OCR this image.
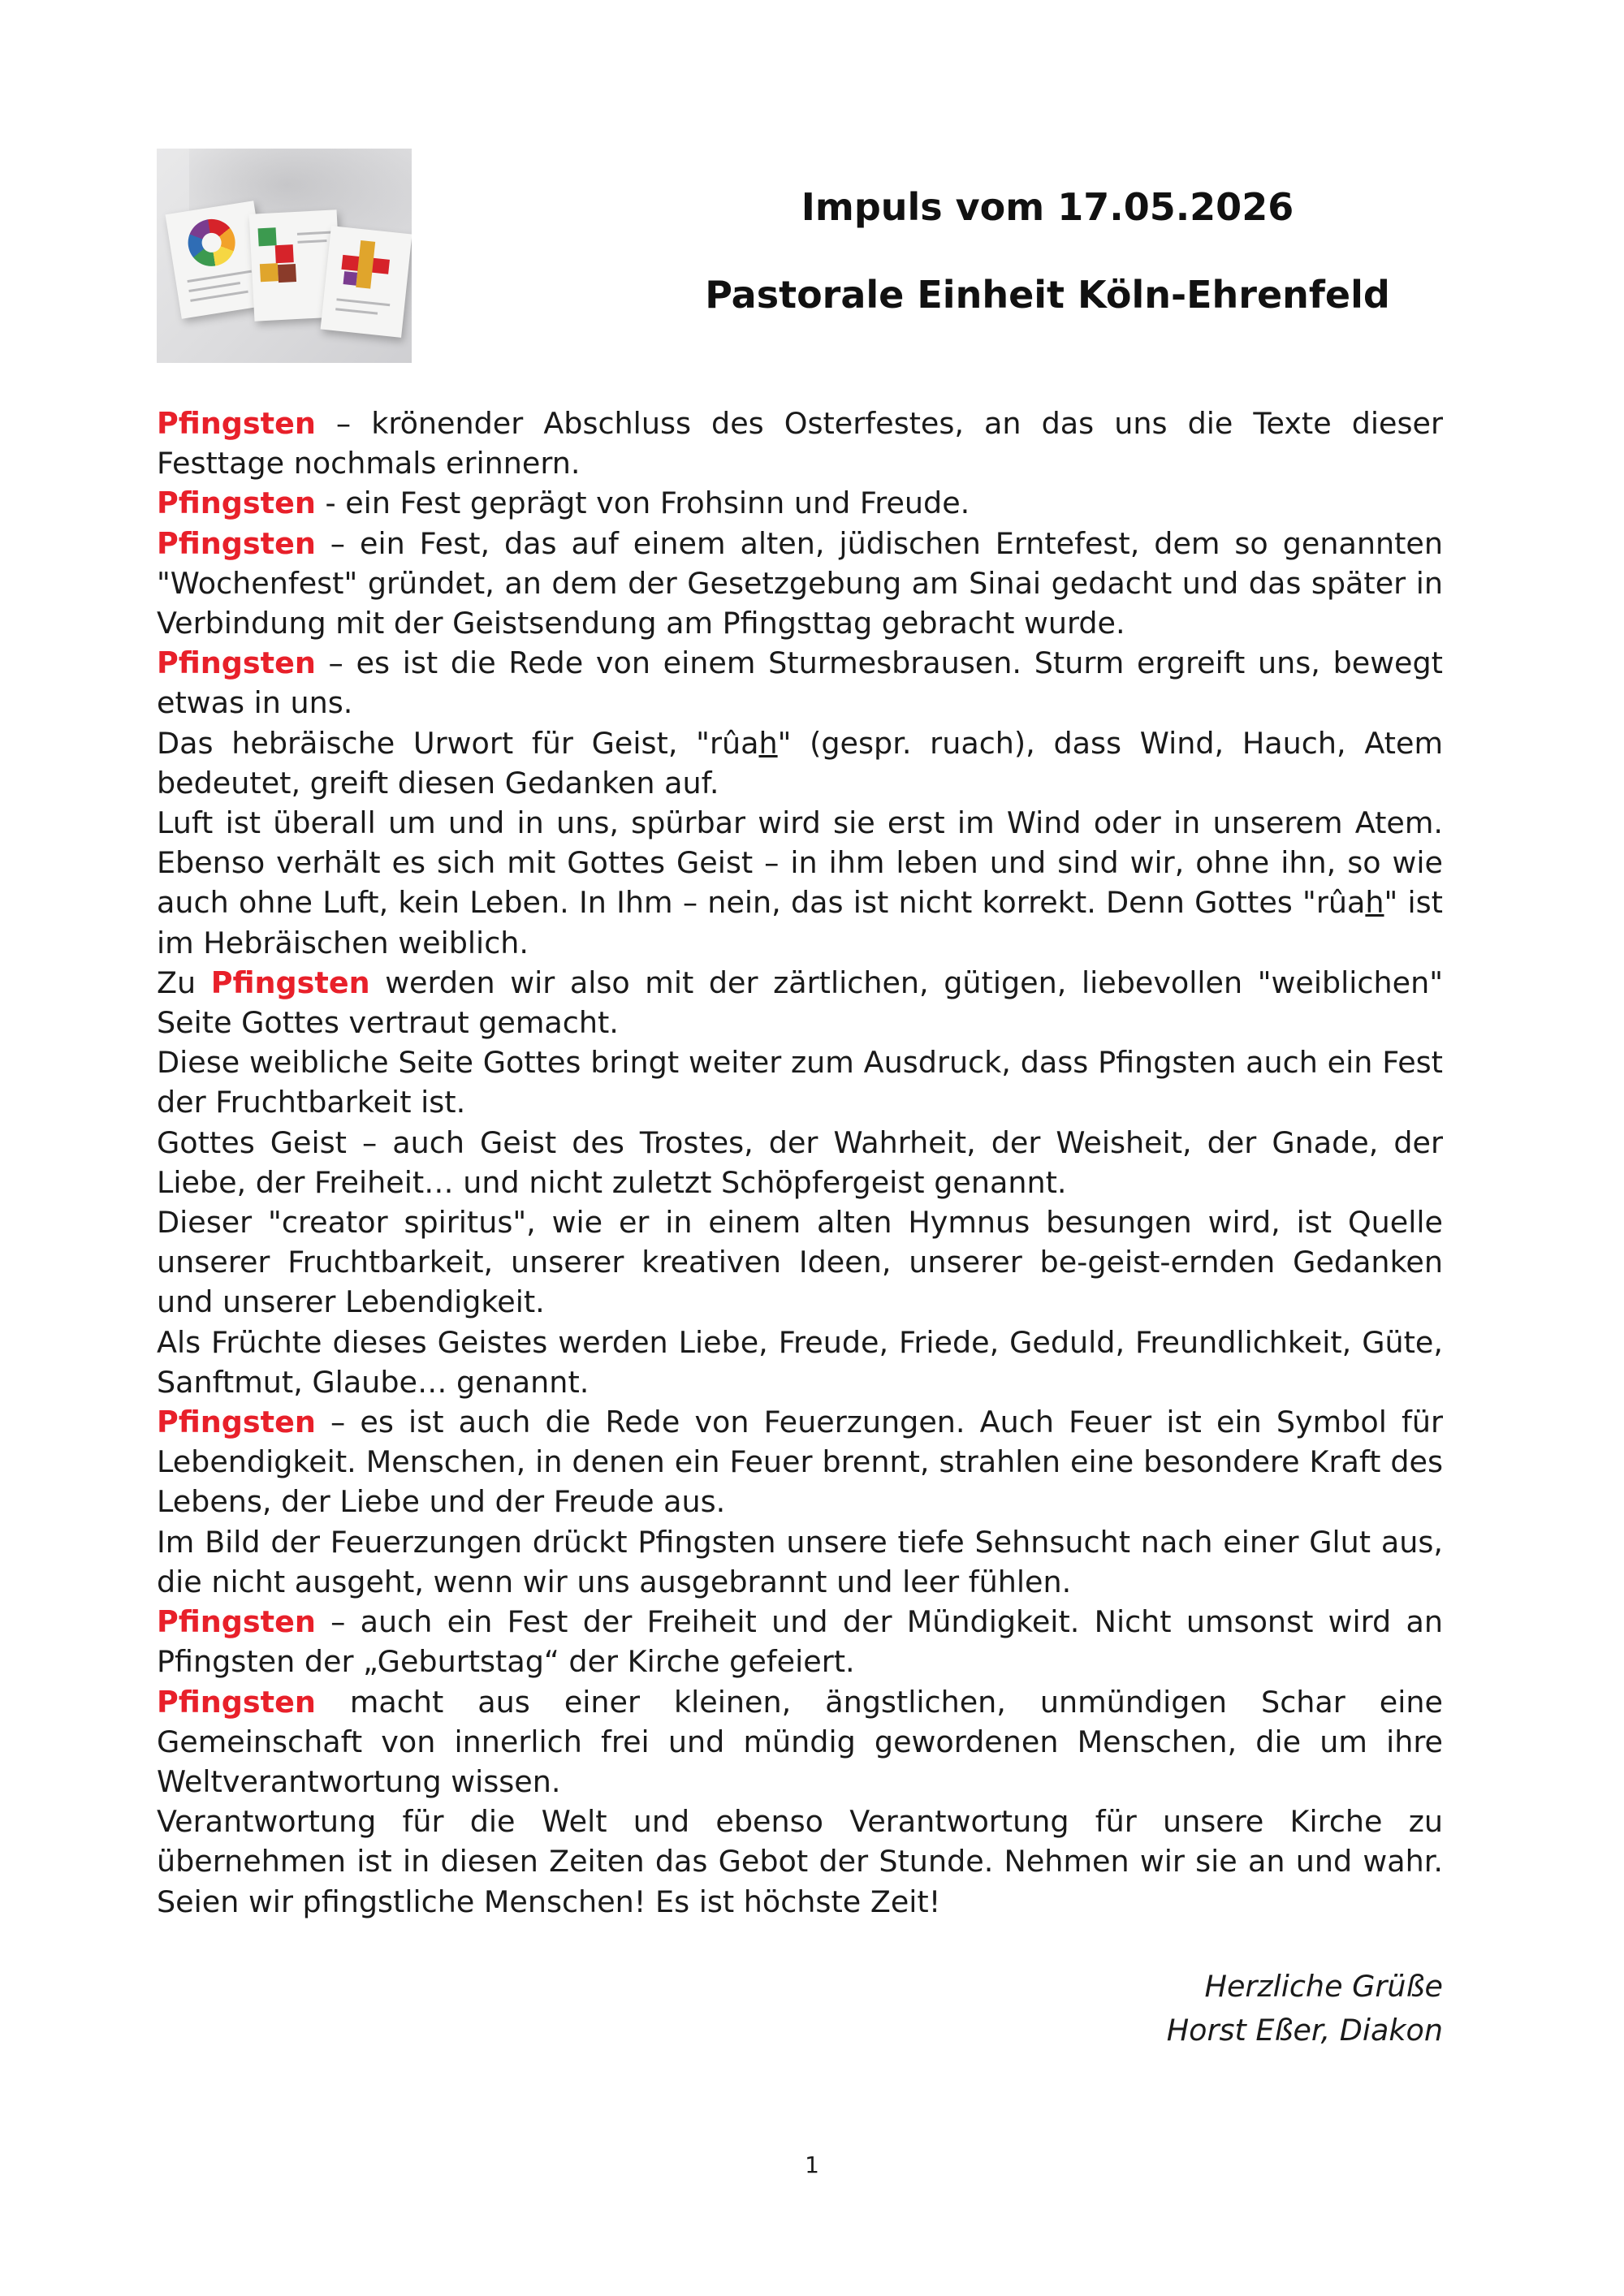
Impuls vom 17.05.2026
Pastorale Einheit Köln-Ehrenfeld

Pfingsten – krönender Abschluss des Osterfestes, an das uns die Texte dieser Festtage nochmals erinnern.

Pfingsten - ein Fest geprägt von Frohsinn und Freude.

Pfingsten – ein Fest, das auf einem alten, jüdischen Erntefest, dem so genannten "Wochenfest" gründet, an dem der Gesetzgebung am Sinai gedacht und das später in Verbindung mit der Geistsendung am Pfingsttag gebracht wurde.

Pfingsten – es ist die Rede von einem Sturmesbrausen. Sturm ergreift uns, bewegt etwas in uns.

Das hebräische Urwort für Geist, "rûah" (gespr. ruach), dass Wind, Hauch, Atem bedeutet, greift diesen Gedanken auf.

Luft ist überall um und in uns, spürbar wird sie erst im Wind oder in unserem Atem. Ebenso verhält es sich mit Gottes Geist – in ihm leben und sind wir, ohne ihn, so wie auch ohne Luft, kein Leben. In Ihm – nein, das ist nicht korrekt. Denn Gottes "rûah" ist im Hebräischen weiblich.

Zu Pfingsten werden wir also mit der zärtlichen, gütigen, liebevollen "weiblichen" Seite Gottes vertraut gemacht.

Diese weibliche Seite Gottes bringt weiter zum Ausdruck, dass Pfingsten auch ein Fest der Fruchtbarkeit ist.

Gottes Geist – auch Geist des Trostes, der Wahrheit, der Weisheit, der Gnade, der Liebe, der Freiheit… und nicht zuletzt Schöpfergeist genannt.

Dieser "creator spiritus", wie er in einem alten Hymnus besungen wird, ist Quelle unserer Fruchtbarkeit, unserer kreativen Ideen, unserer be-geist-ernden Gedanken und unserer Lebendigkeit.

Als Früchte dieses Geistes werden Liebe, Freude, Friede, Geduld, Freundlichkeit, Güte, Sanftmut, Glaube… genannt.

Pfingsten – es ist auch die Rede von Feuerzungen. Auch Feuer ist ein Symbol für Lebendigkeit. Menschen, in denen ein Feuer brennt, strahlen eine besondere Kraft des Lebens, der Liebe und der Freude aus.

Im Bild der Feuerzungen drückt Pfingsten unsere tiefe Sehnsucht nach einer Glut aus, die nicht ausgeht, wenn wir uns ausgebrannt und leer fühlen.

Pfingsten – auch ein Fest der Freiheit und der Mündigkeit. Nicht umsonst wird an Pfingsten der „Geburtstag“ der Kirche gefeiert.

Pfingsten macht aus einer kleinen, ängstlichen, unmündigen Schar eine Gemeinschaft von innerlich frei und mündig gewordenen Menschen, die um ihre Weltverantwortung wissen.

Verantwortung für die Welt und ebenso Verantwortung für unsere Kirche zu übernehmen ist in diesen Zeiten das Gebot der Stunde. Nehmen wir sie an und wahr. Seien wir pfingstliche Menschen! Es ist höchste Zeit!

Herzliche Grüße
Horst Eßer, Diakon
1
